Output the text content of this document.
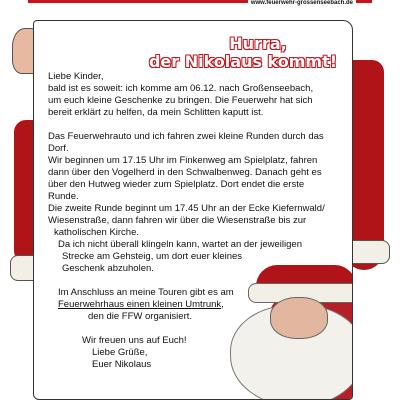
www.feuerwehr-grossenseebach.de
Hurra,
der Nikolaus kommt!

Liebe Kinder,

bald ist es soweit: ich komme am 06.12. nach Großenseebach,

um euch kleine Geschenke zu bringen. Die Feuerwehr hat sich

bereit erklärt zu helfen, da mein Schlitten kaputt ist.

Das Feuerwehrauto und ich fahren zwei kleine Runden durch das

Dorf.

Wir beginnen um 17.15 Uhr im Finkenweg am Spielplatz, fahren

dann über den Vogelherd in den Schwalbenweg. Danach geht es

über den Hutweg wieder zum Spielplatz. Dort endet die erste

Runde.

Die zweite Runde beginnt um 17.45 Uhr an der Ecke Kiefernwald/

Wiesenstraße, dann fahren wir über die Wiesenstraße bis zur

katholischen Kirche.

Da ich nicht überall klingeln kann, wartet an der jeweiligen

Strecke am Gehsteig, um dort euer kleines

Geschenk abzuholen.

Im Anschluss an meine Touren gibt es am

Feuerwehrhaus einen kleinen Umtrunk,

den die FFW organisiert.

Wir freuen uns auf Euch!

Liebe Grüße,

Euer Nikolaus
